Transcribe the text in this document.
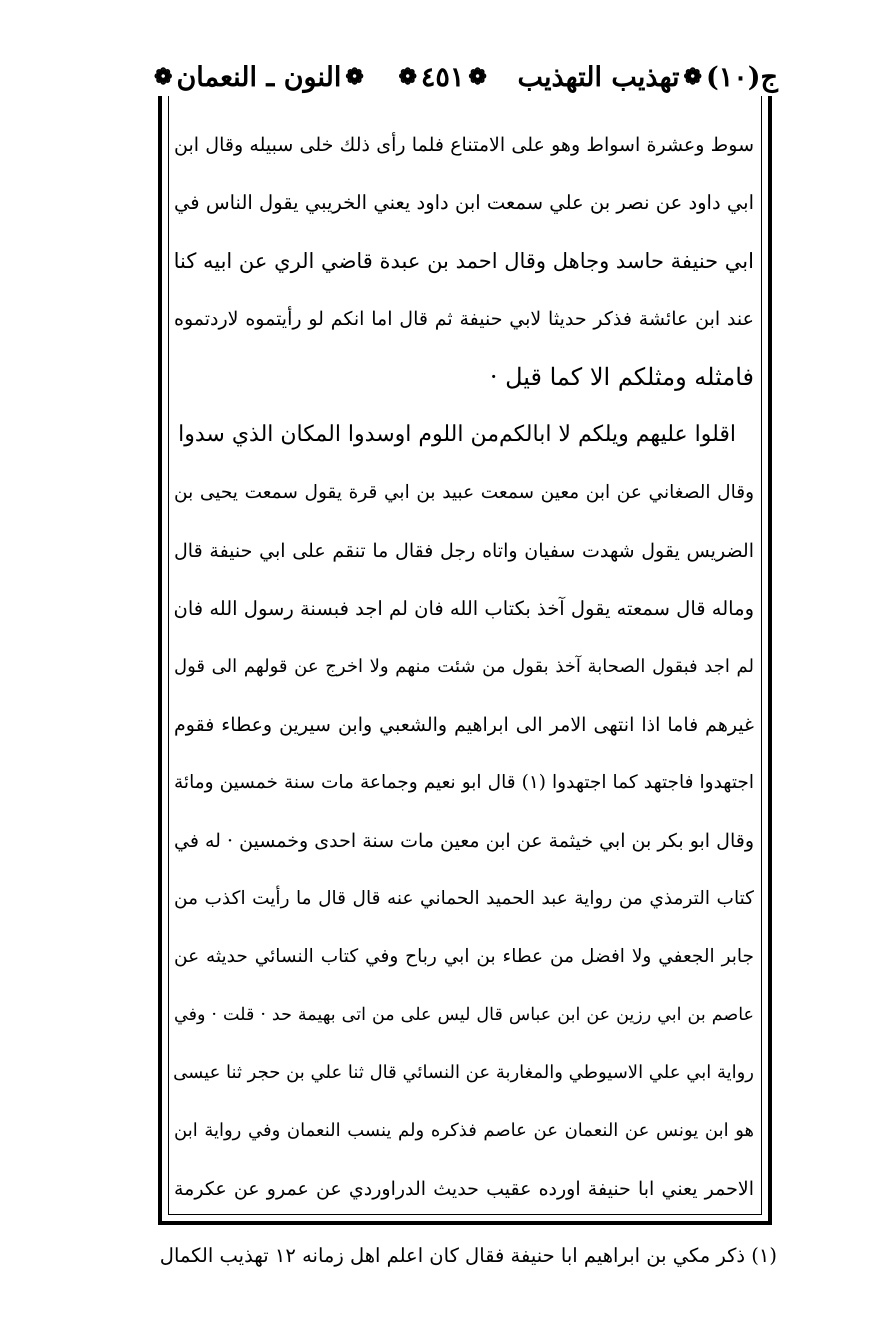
ج(١٠)
❁
تهذيب التهذيب
❁
٤٥١
❁
❁
النون ـ النعمان
❁
سوط وعشرة اسواط وهو على الامتناع فلما رأى ذلك خلى سبيله وقال ابن
ابي داود عن نصر بن علي سمعت ابن داود يعني الخريبي يقول الناس في
ابي حنيفة حاسد وجاهل وقال احمد بن عبدة قاضي الري عن ابيه كنا
عند ابن عائشة فذكر حديثا لابي حنيفة ثم قال اما انكم لو رأيتموه لاردتموه
فامثله ومثلكم الا كما قيل ·
اقلوا عليهم ويلكم لا ابالكم
من اللوم اوسدوا المكان الذي سدوا
وقال الصغاني عن ابن معين سمعت عبيد بن ابي قرة يقول سمعت يحيى بن
الضريس يقول شهدت سفيان واتاه رجل فقال ما تنقم على ابي حنيفة قال
وماله قال سمعته يقول آخذ بكتاب الله فان لم اجد فبسنة رسول الله فان
لم اجد فبقول الصحابة آخذ بقول من شئت منهم ولا اخرج عن قولهم الى قول
غيرهم فاما اذا انتهى الامر الى ابراهيم والشعبي وابن سيرين وعطاء فقوم
اجتهدوا فاجتهد كما اجتهدوا (١) قال ابو نعيم وجماعة مات سنة خمسين ومائة
وقال ابو بكر بن ابي خيثمة عن ابن معين مات سنة احدى وخمسين · له في
كتاب الترمذي من رواية عبد الحميد الحماني عنه قال قال ما رأيت اكذب من
جابر الجعفي ولا افضل من عطاء بن ابي رباح وفي كتاب النسائي حديثه عن
عاصم بن ابي رزين عن ابن عباس قال ليس على من اتى بهيمة حد · قلت · وفي
رواية ابي علي الاسيوطي والمغاربة عن النسائي قال ثنا علي بن حجر ثنا عيسى
هو ابن يونس عن النعمان عن عاصم فذكره ولم ينسب النعمان وفي رواية ابن
الاحمر يعني ابا حنيفة اورده عقيب حديث الدراوردي عن عمرو عن عكرمة
(١) ذكر مكي بن ابراهيم ابا حنيفة فقال كان اعلم اهل زمانه ١٢ تهذيب الكمال
